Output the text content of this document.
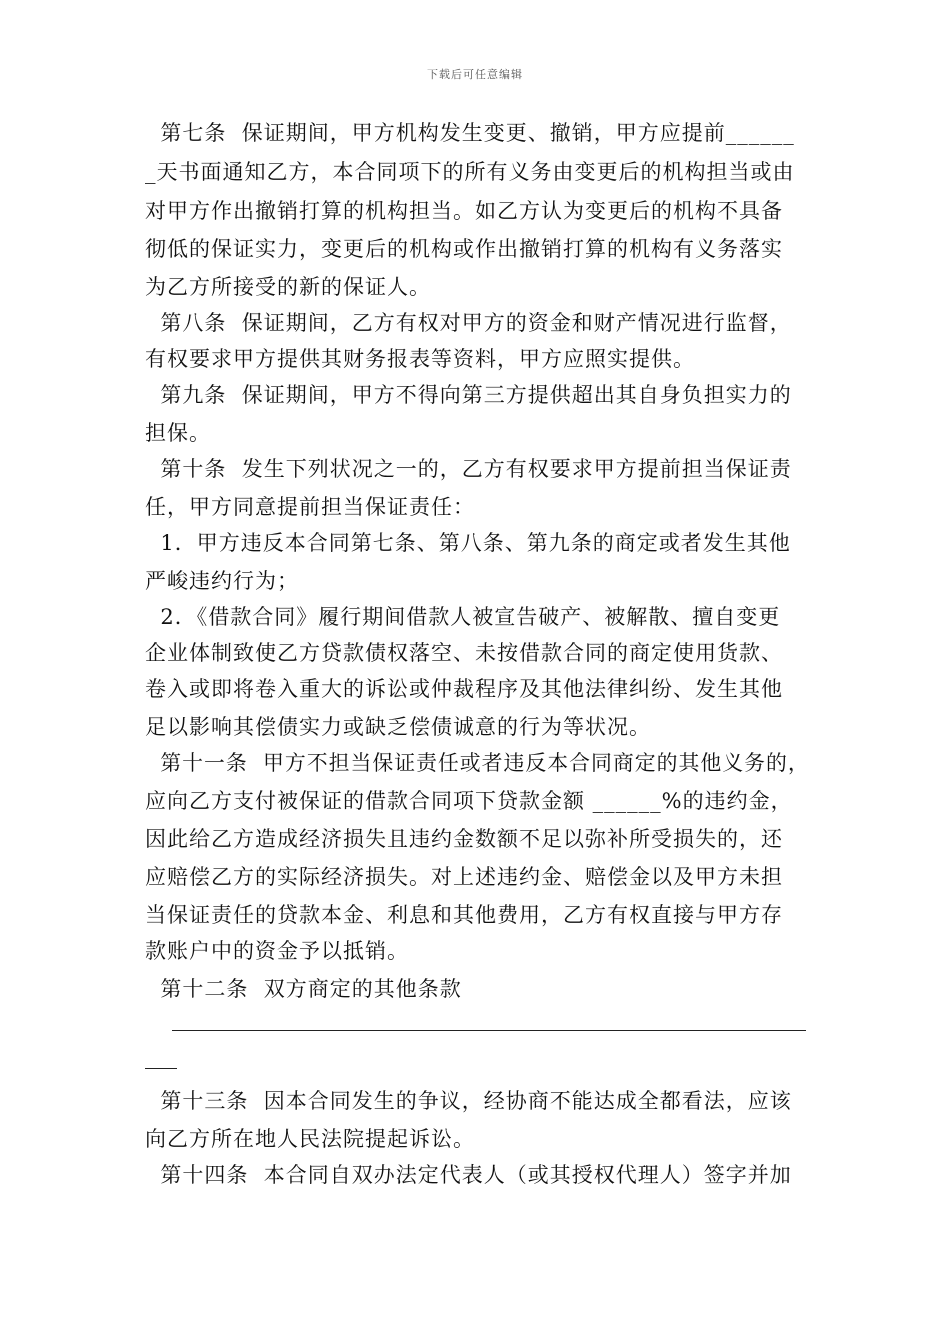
下载后可任意编辑
第七条  保证期间，甲方机构发生变更、撤销，甲方应提前______
_天书面通知乙方，本合同项下的所有义务由变更后的机构担当或由
对甲方作出撤销打算的机构担当。如乙方认为变更后的机构不具备
彻低的保证实力，变更后的机构或作出撤销打算的机构有义务落实
为乙方所接受的新的保证人。
第八条  保证期间，乙方有权对甲方的资金和财产情况进行监督，
有权要求甲方提供其财务报表等资料，甲方应照实提供。
第九条  保证期间，甲方不得向第三方提供超出其自身负担实力的
担保。
第十条  发生下列状况之一的，乙方有权要求甲方提前担当保证责
任，甲方同意提前担当保证责任：
1．甲方违反本合同第七条、第八条、第九条的商定或者发生其他
严峻违约行为；
2．《借款合同》履行期间借款人被宣告破产、被解散、擅自变更
企业体制致使乙方贷款债权落空、未按借款合同的商定使用货款、
卷入或即将卷入重大的诉讼或仲裁程序及其他法律纠纷、发生其他
足以影响其偿债实力或缺乏偿债诚意的行为等状况。
第十一条  甲方不担当保证责任或者违反本合同商定的其他义务的，
应向乙方支付被保证的借款合同项下贷款金额 ______%的违约金，
因此给乙方造成经济损失且违约金数额不足以弥补所受损失的，还
应赔偿乙方的实际经济损失。对上述违约金、赔偿金以及甲方未担
当保证责任的贷款本金、利息和其他费用，乙方有权直接与甲方存
款账户中的资金予以抵销。
第十二条  双方商定的其他条款
第十三条  因本合同发生的争议，经协商不能达成全都看法，应该
向乙方所在地人民法院提起诉讼。
第十四条  本合同自双办法定代表人（或其授权代理人）签字并加
